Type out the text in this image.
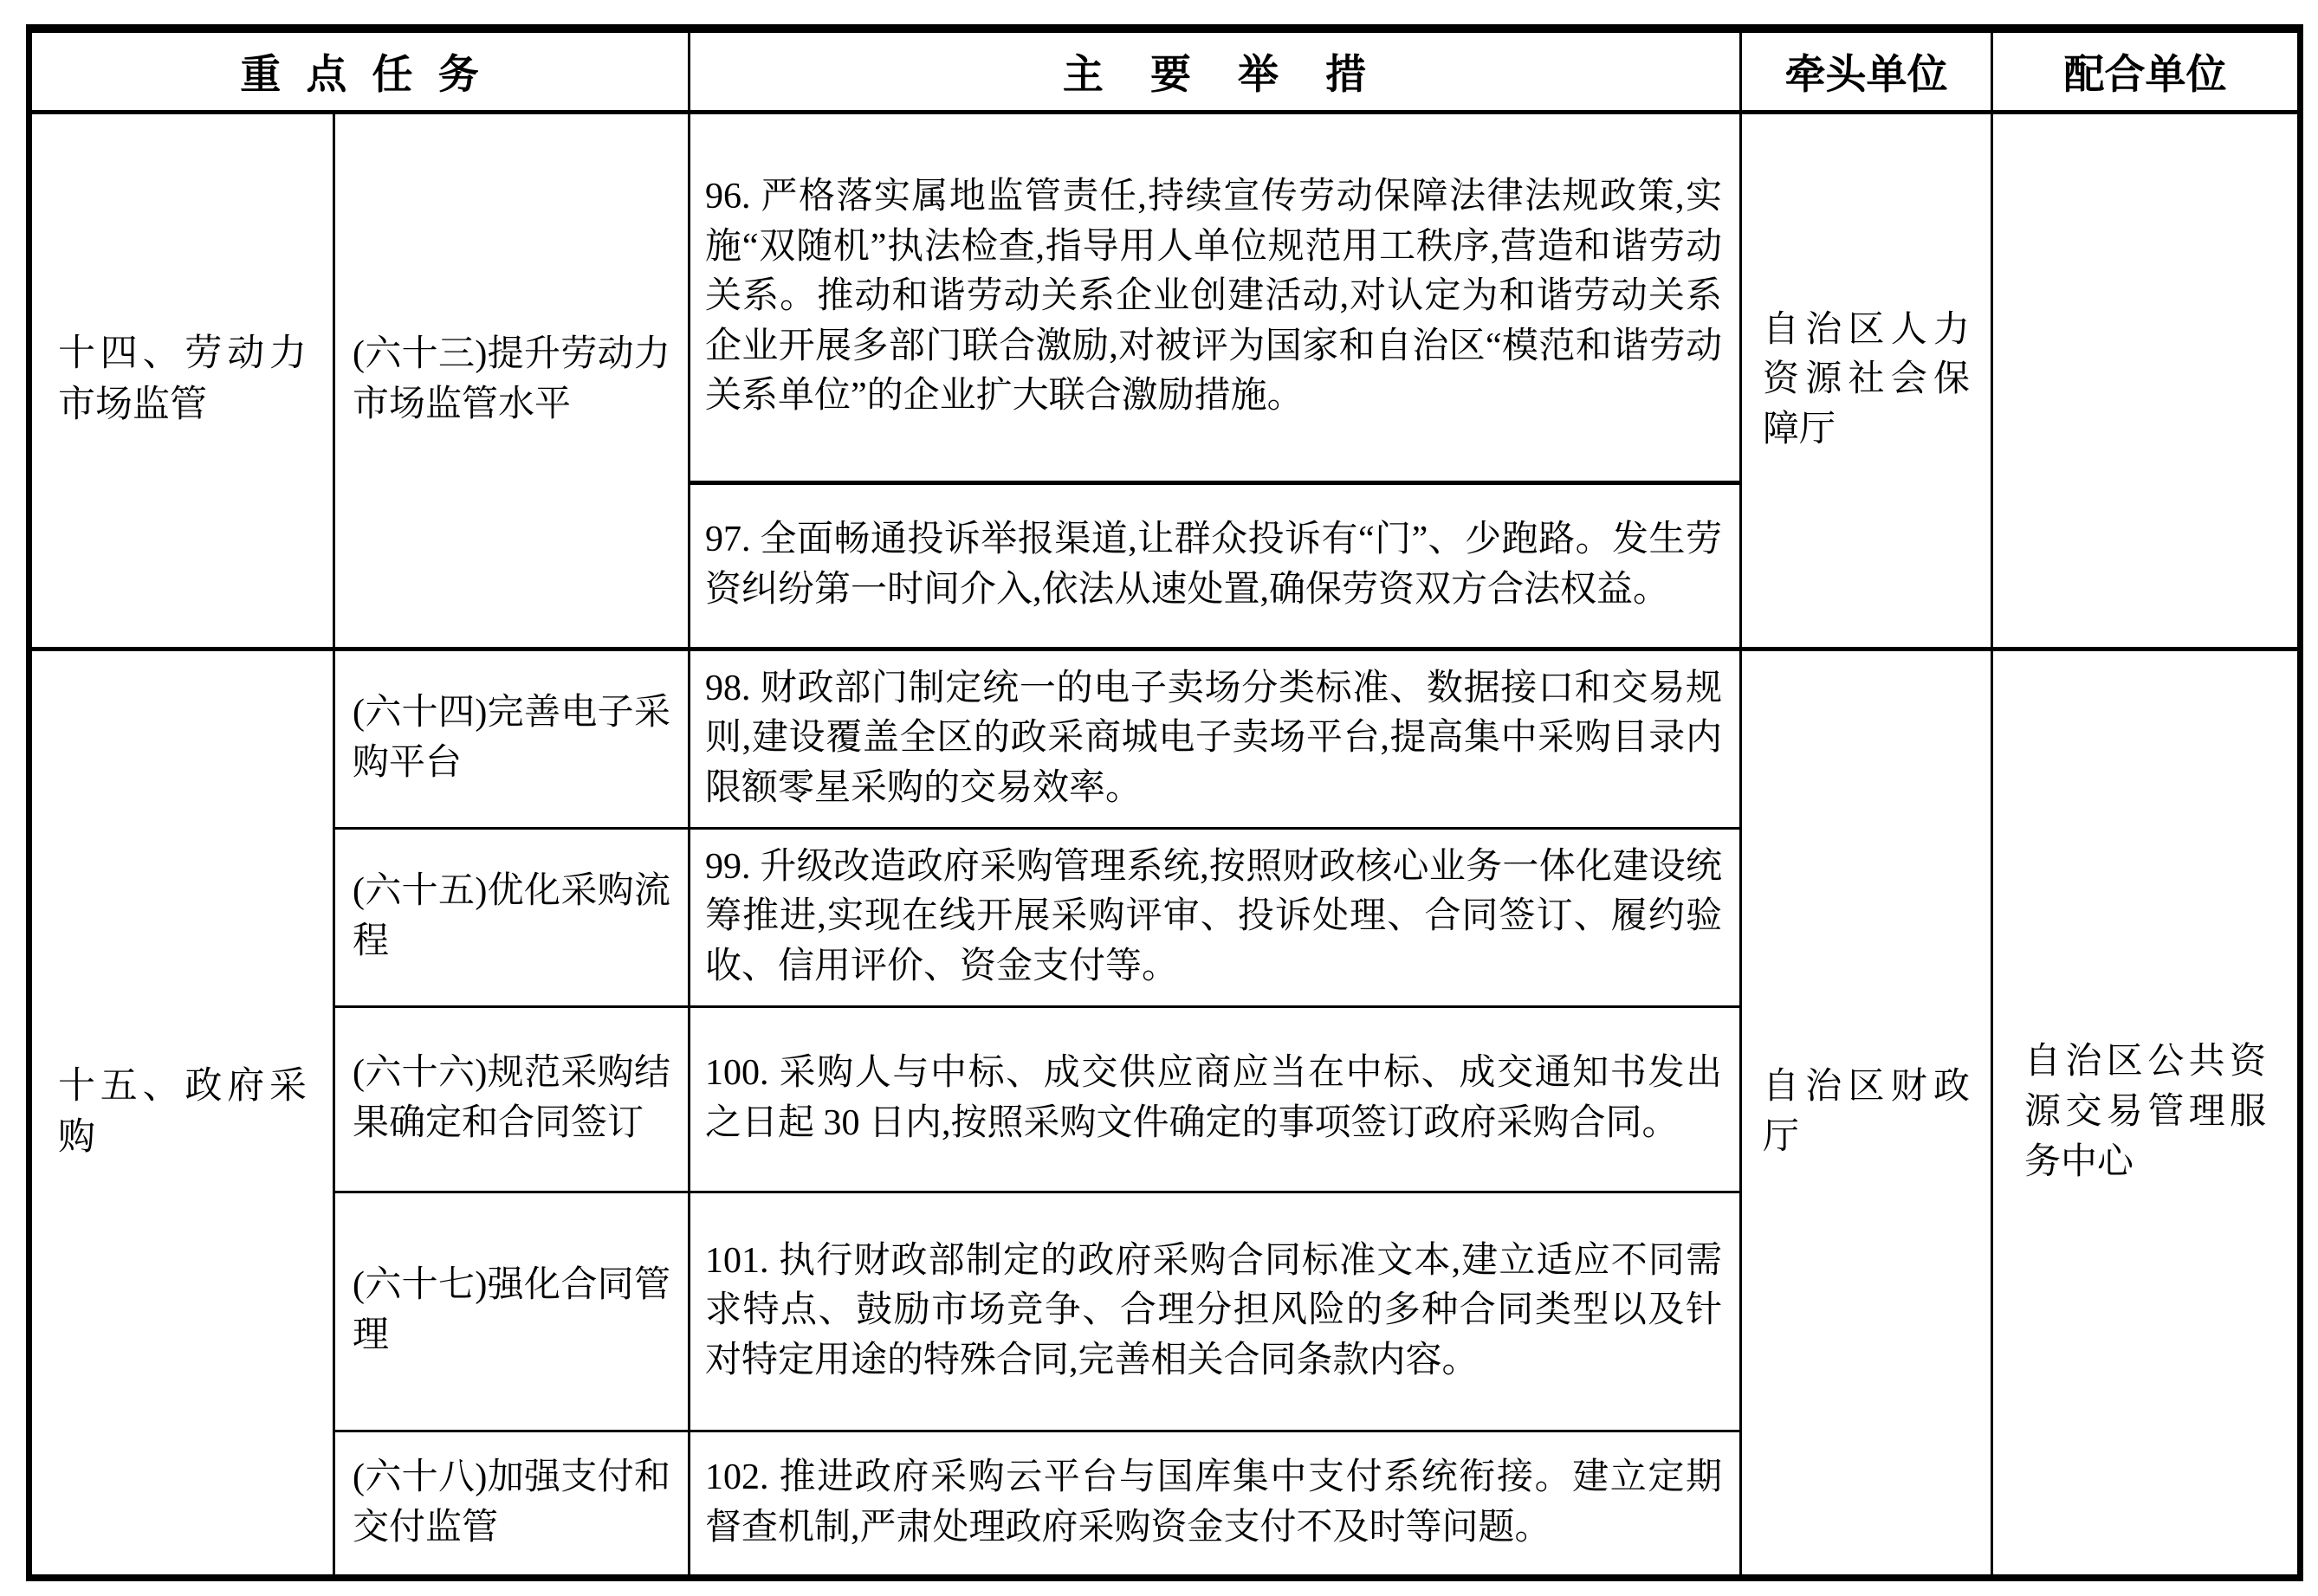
重点任务		主要举措	牵头单位	配合单位
十四、劳动力市场监管	(六十三)提升劳动力市场监管水平	96. 严格落实属地监管责任,持续宣传劳动保障法律法规政策,实施“双随机”执法检查,指导用人单位规范用工秩序,营造和谐劳动关系。推动和谐劳动关系企业创建活动,对认定为和谐劳动关系企业开展多部门联合激励,对被评为国家和自治区“模范和谐劳动关系单位”的企业扩大联合激励措施。	自治区人力资源社会保障厅	
		97. 全面畅通投诉举报渠道,让群众投诉有“门”、少跑路。发生劳资纠纷第一时间介入,依法从速处置,确保劳资双方合法权益。		
十五、政府采购	(六十四)完善电子采购平台	98. 财政部门制定统一的电子卖场分类标准、数据接口和交易规则,建设覆盖全区的政采商城电子卖场平台,提高集中采购目录内限额零星采购的交易效率。	自治区财政厅	自治区公共资源交易管理服务中心
	(六十五)优化采购流程	99. 升级改造政府采购管理系统,按照财政核心业务一体化建设统筹推进,实现在线开展采购评审、投诉处理、合同签订、履约验收、信用评价、资金支付等。		
	(六十六)规范采购结果确定和合同签订	100. 采购人与中标、成交供应商应当在中标、成交通知书发出之日起 30 日内,按照采购文件确定的事项签订政府采购合同。		
	(六十七)强化合同管理	101. 执行财政部制定的政府采购合同标准文本,建立适应不同需求特点、鼓励市场竞争、合理分担风险的多种合同类型以及针对特定用途的特殊合同,完善相关合同条款内容。		
	(六十八)加强支付和交付监管	102. 推进政府采购云平台与国库集中支付系统衔接。建立定期督查机制,严肃处理政府采购资金支付不及时等问题。		
